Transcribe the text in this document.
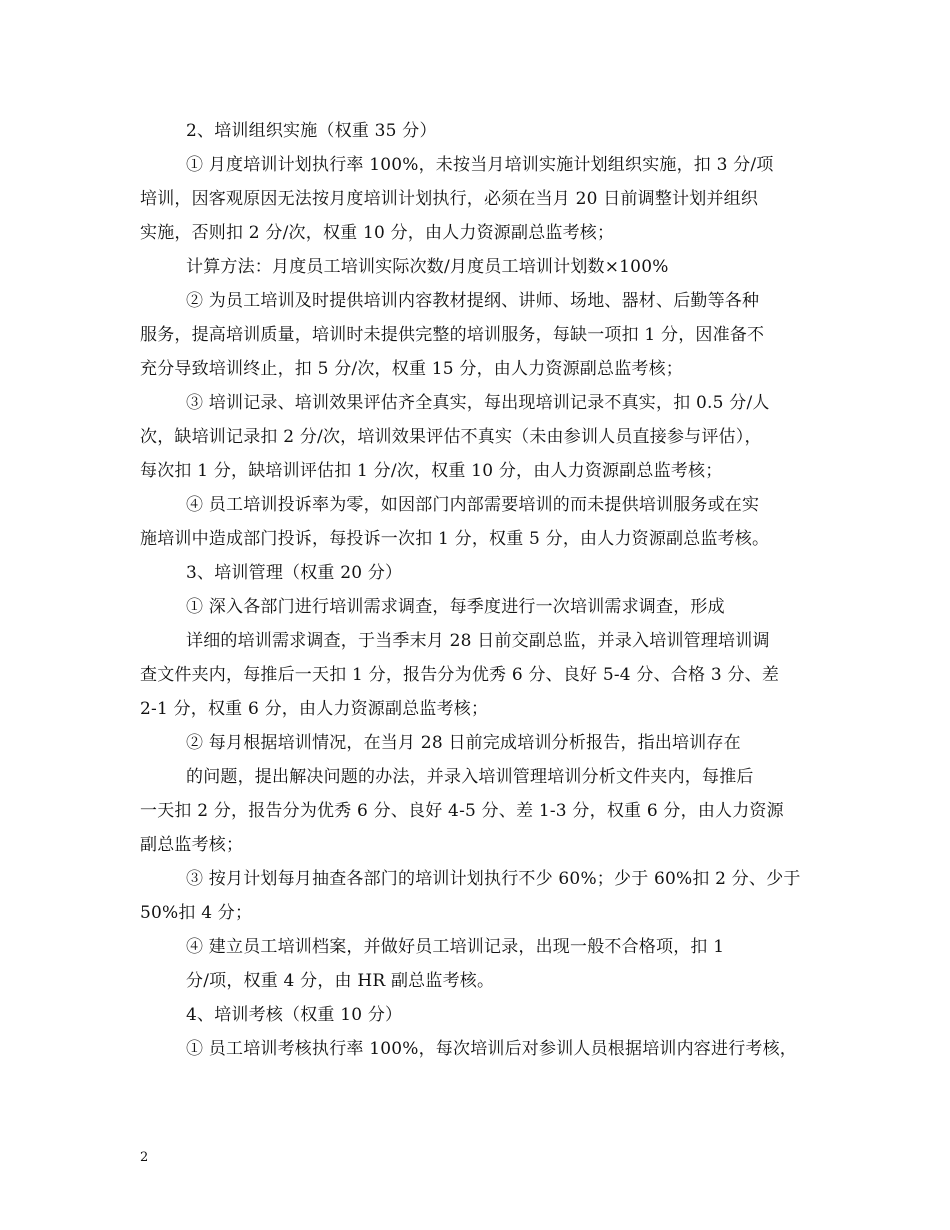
2、培训组织实施（权重 35 分）
① 月度培训计划执行率 100%，未按当月培训实施计划组织实施，扣 3 分/项
培训，因客观原因无法按月度培训计划执行，必须在当月 20 日前调整计划并组织
实施，否则扣 2 分/次，权重 10 分，由人力资源副总监考核；
计算方法：月度员工培训实际次数/月度员工培训计划数×100%
② 为员工培训及时提供培训内容教材提纲、讲师、场地、器材、后勤等各种
服务，提高培训质量，培训时未提供完整的培训服务，每缺一项扣 1 分，因准备不
充分导致培训终止，扣 5 分/次，权重 15 分，由人力资源副总监考核；
③ 培训记录、培训效果评估齐全真实，每出现培训记录不真实，扣 0.5 分/人
次，缺培训记录扣 2 分/次，培训效果评估不真实（未由参训人员直接参与评估），
每次扣 1 分，缺培训评估扣 1 分/次，权重 10 分，由人力资源副总监考核；
④ 员工培训投诉率为零，如因部门内部需要培训的而未提供培训服务或在实
施培训中造成部门投诉，每投诉一次扣 1 分，权重 5 分，由人力资源副总监考核。
3、培训管理（权重 20 分）
① 深入各部门进行培训需求调查，每季度进行一次培训需求调查，形成
详细的培训需求调查，于当季末月 28 日前交副总监，并录入培训管理培训调
查文件夹内，每推后一天扣 1 分，报告分为优秀 6 分、良好 5-4 分、合格 3 分、差
2-1 分，权重 6 分，由人力资源副总监考核；
② 每月根据培训情况，在当月 28 日前完成培训分析报告，指出培训存在
的问题，提出解决问题的办法，并录入培训管理培训分析文件夹内，每推后
一天扣 2 分，报告分为优秀 6 分、良好 4-5 分、差 1-3 分，权重 6 分，由人力资源
副总监考核；
③ 按月计划每月抽查各部门的培训计划执行不少 60%；少于 60%扣 2 分、少于
50%扣 4 分；
④ 建立员工培训档案，并做好员工培训记录，出现一般不合格项，扣 1
分/项，权重 4 分，由 HR 副总监考核。
4、培训考核（权重 10 分）
① 员工培训考核执行率 100%，每次培训后对参训人员根据培训内容进行考核，
2
